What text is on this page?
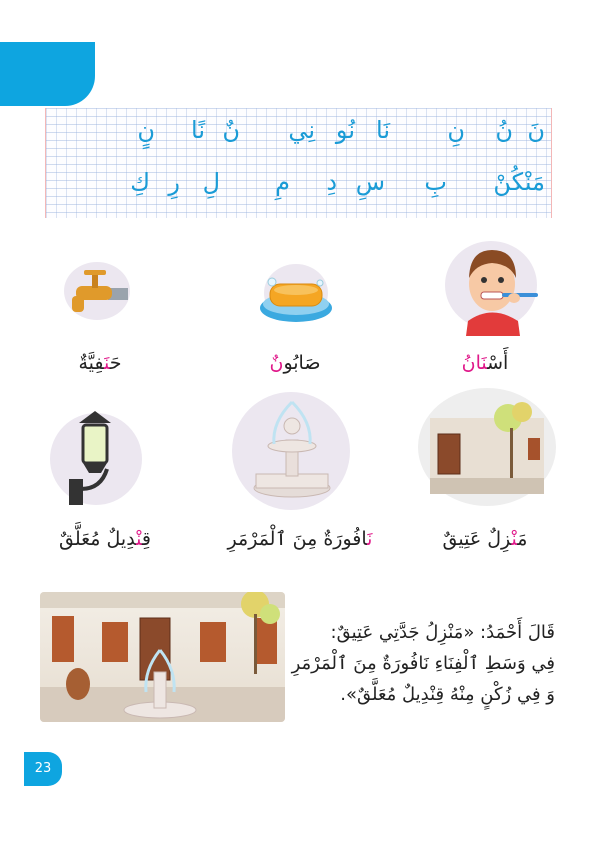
نَ
نُ
نِ
نَا
نُو
نِي
نٌ
نًا
نٍ
مَنْكُنْ
بِ
سِ
دِ
مِ
لِ
رِ
كِ
أَسْنَانُ
صَابُونٌ
حَنَفِيَّةٌ
مَنْزِلٌ عَتِيقٌ
نَافُورَةٌ مِنَ ٱلْمَرْمَرِ
قِنْدِيلٌ مُعَلَّقٌ
قَالَ أَحْمَدُ: «مَنْزِلُ جَدَّتِي عَتِيقٌ:
فِي وَسَطِ ٱلْفِنَاءِ نَافُورَةٌ مِنَ ٱلْمَرْمَرِ
وَ فِي زُكْنٍ مِنْهُ قِنْدِيلٌ مُعَلَّقٌ».
23
